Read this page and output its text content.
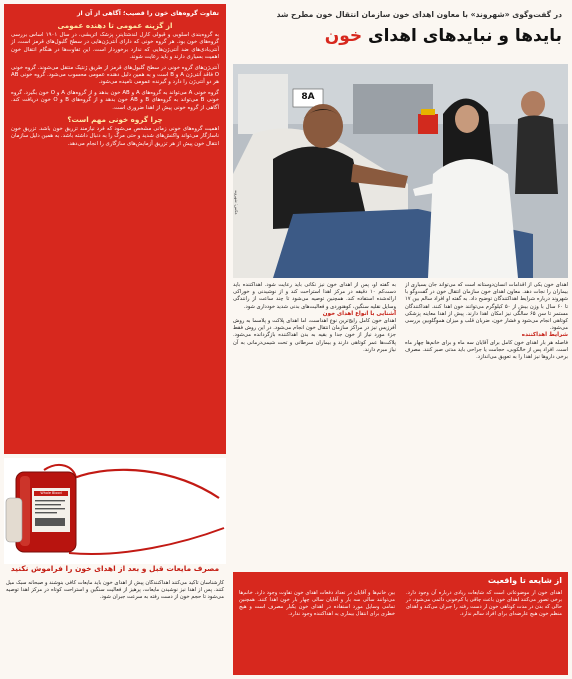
تفاوت گروه‌های خون را قصیب؛ آگاهی از آن از
از گزینه عمومی تا دهنده عمومی
به گروه‌بندی اسلوبی و قبولی کارل لندشتاینر، پزشک اتریشی، در سال ۱۹۰۱ اساس بررسی گروه‌های خون بود. هر گروه خونی که دارای آنتی‌ژن‌هایی در سطح گلبول‌های قرمز است، از آنتی‌بادی‌های ضد آنتی‌ژن‌هایی که ندارد برخوردار است. این تفاوت‌ها در هنگام انتقال خون اهمیت بسیاری دارند و باید رعایت شوند.
آنتی‌ژن‌های گروه خونی در سطح گلبول‌های قرمز از طریق ژنتیک منتقل می‌شوند. گروه خونی O فاقد آنتی‌ژن A و B است و به همین دلیل دهنده عمومی محسوب می‌شود. گروه خونی AB هر دو آنتی‌ژن را دارد و گیرنده عمومی نامیده می‌شود.
گروه خونی A می‌تواند به گروه‌های A و AB خون بدهد و از گروه‌های A و O خون بگیرد. گروه خونی B می‌تواند به گروه‌های B و AB خون بدهد و از گروه‌های B و O خون دریافت کند. آگاهی از گروه خونی پیش از اهدا ضروری است.
چرا گروه خونی مهم است؟
اهمیت گروه‌های خونی زمانی مشخص می‌شود که فرد نیازمند تزریق خون باشد. تزریق خون ناسازگار می‌تواند واکنش‌های شدید و حتی مرگ را به دنبال داشته باشد. به همین دلیل سازمان انتقال خون پیش از هر تزریق آزمایش‌های سازگاری را انجام می‌دهد.
Whole Blood
مصرف مایعات قبل و بعد از اهدای خون را فراموش نکنید
کارشناسان تأکید می‌کنند اهداکنندگان پیش از اهدای خون باید مایعات کافی بنوشند و صبحانه سبک میل کنند. پس از اهدا نیز نوشیدن مایعات، پرهیز از فعالیت سنگین و استراحت کوتاه در مرکز اهدا توصیه می‌شود تا حجم خون از دست رفته به سرعت جبران شود.
در گفت‌وگوی «شهروند» با معاون اهدای خون سازمان انتقال خون مطرح شد
بایدها و نبایدهای اهدای خون
8A
عکس: شهروند
اهدای خون یکی از اقدامات انسان‌دوستانه است که می‌تواند جان بسیاری از بیماران را نجات دهد. معاون اهدای خون سازمان انتقال خون در گفت‌وگو با شهروند درباره شرایط اهداکنندگان توضیح داد. به گفته او افراد سالم بین ۱۷ تا ۶۰ سال با وزن بیش از ۵۰ کیلوگرم می‌توانند خون اهدا کنند. اهداکنندگان مستمر تا سن ۶۵ سالگی نیز امکان اهدا دارند. پیش از اهدا معاینه پزشکی کوتاهی انجام می‌شود و فشار خون، ضربان قلب و میزان هموگلوبین بررسی می‌شود.
شرایط اهداکننده
فاصله هر بار اهدای خون کامل برای آقایان سه ماه و برای خانم‌ها چهار ماه است. افراد پس از خالکوبی، حجامت یا جراحی باید مدتی صبر کنند. مصرف برخی داروها نیز اهدا را به تعویق می‌اندازد.
به گفته او، پس از اهدای خون نیز نکاتی باید رعایت شود. اهداکننده باید دست‌کم ۱۰ دقیقه در مرکز اهدا استراحت کند و از نوشیدنی و خوراکی ارائه‌شده استفاده کند. همچنین توصیه می‌شود تا چند ساعت از رانندگی وسایل نقلیه سنگین، کوهنوردی و فعالیت‌های بدنی شدید خودداری شود.
آشنایی با انواع اهدای خون
اهدای خون کامل رایج‌ترین نوع اهداست، اما اهدای پلاکت و پلاسما به روش آفرزیس نیز در مراکز سازمان انتقال خون انجام می‌شود. در این روش فقط جزء مورد نیاز از خون جدا و بقیه به بدن اهداکننده بازگردانده می‌شود. پلاکت‌ها عمر کوتاهی دارند و بیماران سرطانی و تحت شیمی‌درمانی به آن نیاز مبرم دارند.
از شایعه تا واقعیت
اهدای خون از موضوعاتی است که شایعات زیادی درباره آن وجود دارد. برخی تصور می‌کنند اهدای خون باعث چاقی یا کم‌خونی دائمی می‌شود، در حالی که بدن در مدت کوتاهی خون از دست رفته را جبران می‌کند و اهدای منظم خون هیچ عارضه‌ای برای افراد سالم ندارد.
بین خانم‌ها و آقایان در تعداد دفعات اهدای خون تفاوت وجود دارد. خانم‌ها می‌توانند سالی سه بار و آقایان سالی چهار بار خون اهدا کنند. همچنین تمامی وسایل مورد استفاده در اهدای خون یکبار مصرف است و هیچ خطری برای انتقال بیماری به اهداکننده وجود ندارد.
